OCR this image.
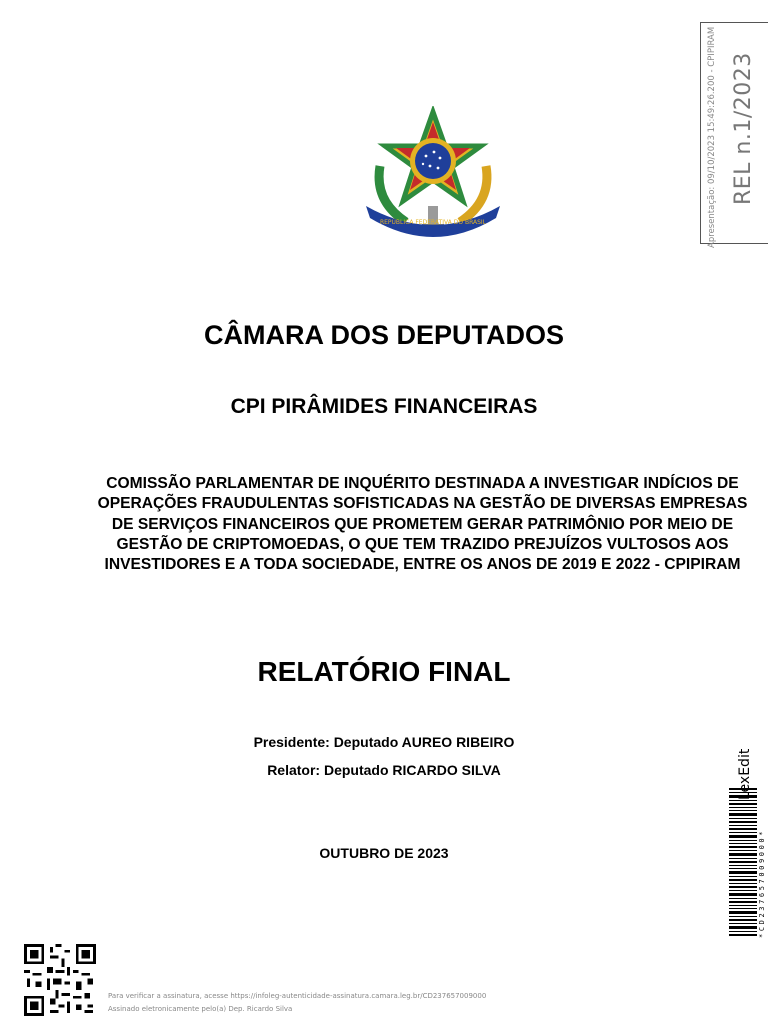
REPÚBLICA FEDERATIVA DO BRASIL	Apresentação: 09/10/2023 15:49:26.200 - CPIPIRAM REL n.1/2023
CÂMARA DOS DEPUTADOS
CPI PIRÂMIDES FINANCEIRAS
COMISSÃO PARLAMENTAR DE INQUÉRITO DESTINADA A INVESTIGAR INDÍCIOS DE OPERAÇÕES FRAUDULENTAS SOFISTICADAS NA GESTÃO DE DIVERSAS EMPRESAS DE SERVIÇOS FINANCEIROS QUE PROMETEM GERAR PATRIMÔNIO POR MEIO DE GESTÃO DE CRIPTOMOEDAS, O QUE TEM TRAZIDO PREJUÍZOS VULTOSOS AOS INVESTIDORES E A TODA SOCIEDADE, ENTRE OS ANOS DE 2019 E 2022 - CPIPIRAM
RELATÓRIO FINAL
Presidente: Deputado AUREO RIBEIRO
Relator: Deputado RICARDO SILVA
OUTUBRO DE 2023
LexEdit
*CD237657009000*
Para verificar a assinatura, acesse https://infoleg-autenticidade-assinatura.camara.leg.br/CD237657009000
Assinado eletronicamente pelo(a) Dep. Ricardo Silva
